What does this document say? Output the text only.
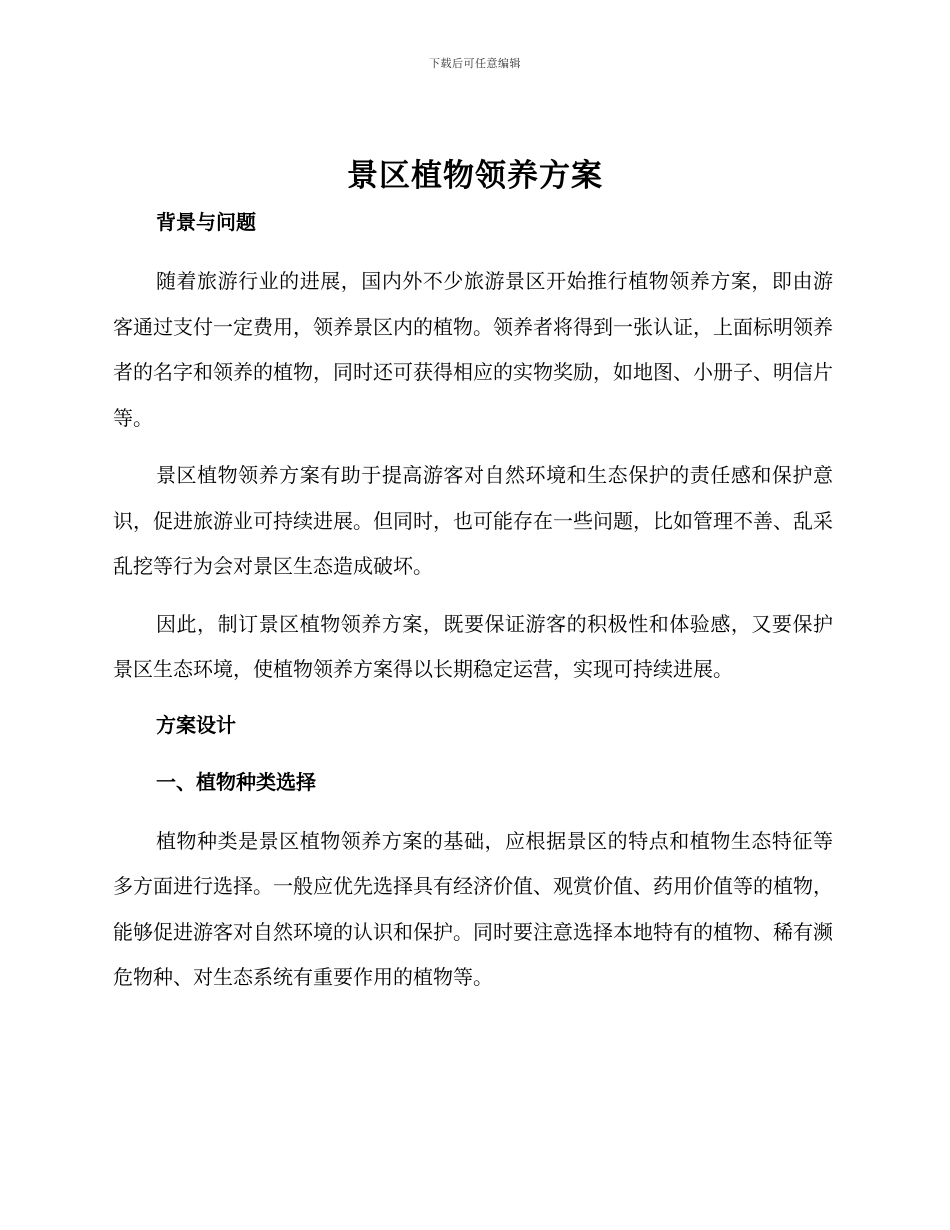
下载后可任意编辑
景区植物领养方案

背景与问题

随着旅游行业的进展，国内外不少旅游景区开始推行植物领养方案，即由游客通过支付一定费用，领养景区内的植物。领养者将得到一张认证，上面标明领养者的名字和领养的植物，同时还可获得相应的实物奖励，如地图、小册子、明信片等。

景区植物领养方案有助于提高游客对自然环境和生态保护的责任感和保护意识，促进旅游业可持续进展。但同时，也可能存在一些问题，比如管理不善、乱采乱挖等行为会对景区生态造成破坏。

因此，制订景区植物领养方案，既要保证游客的积极性和体验感，又要保护景区生态环境，使植物领养方案得以长期稳定运营，实现可持续进展。

方案设计

一、植物种类选择

植物种类是景区植物领养方案的基础，应根据景区的特点和植物生态特征等多方面进行选择。一般应优先选择具有经济价值、观赏价值、药用价值等的植物，能够促进游客对自然环境的认识和保护。同时要注意选择本地特有的植物、稀有濒危物种、对生态系统有重要作用的植物等。
